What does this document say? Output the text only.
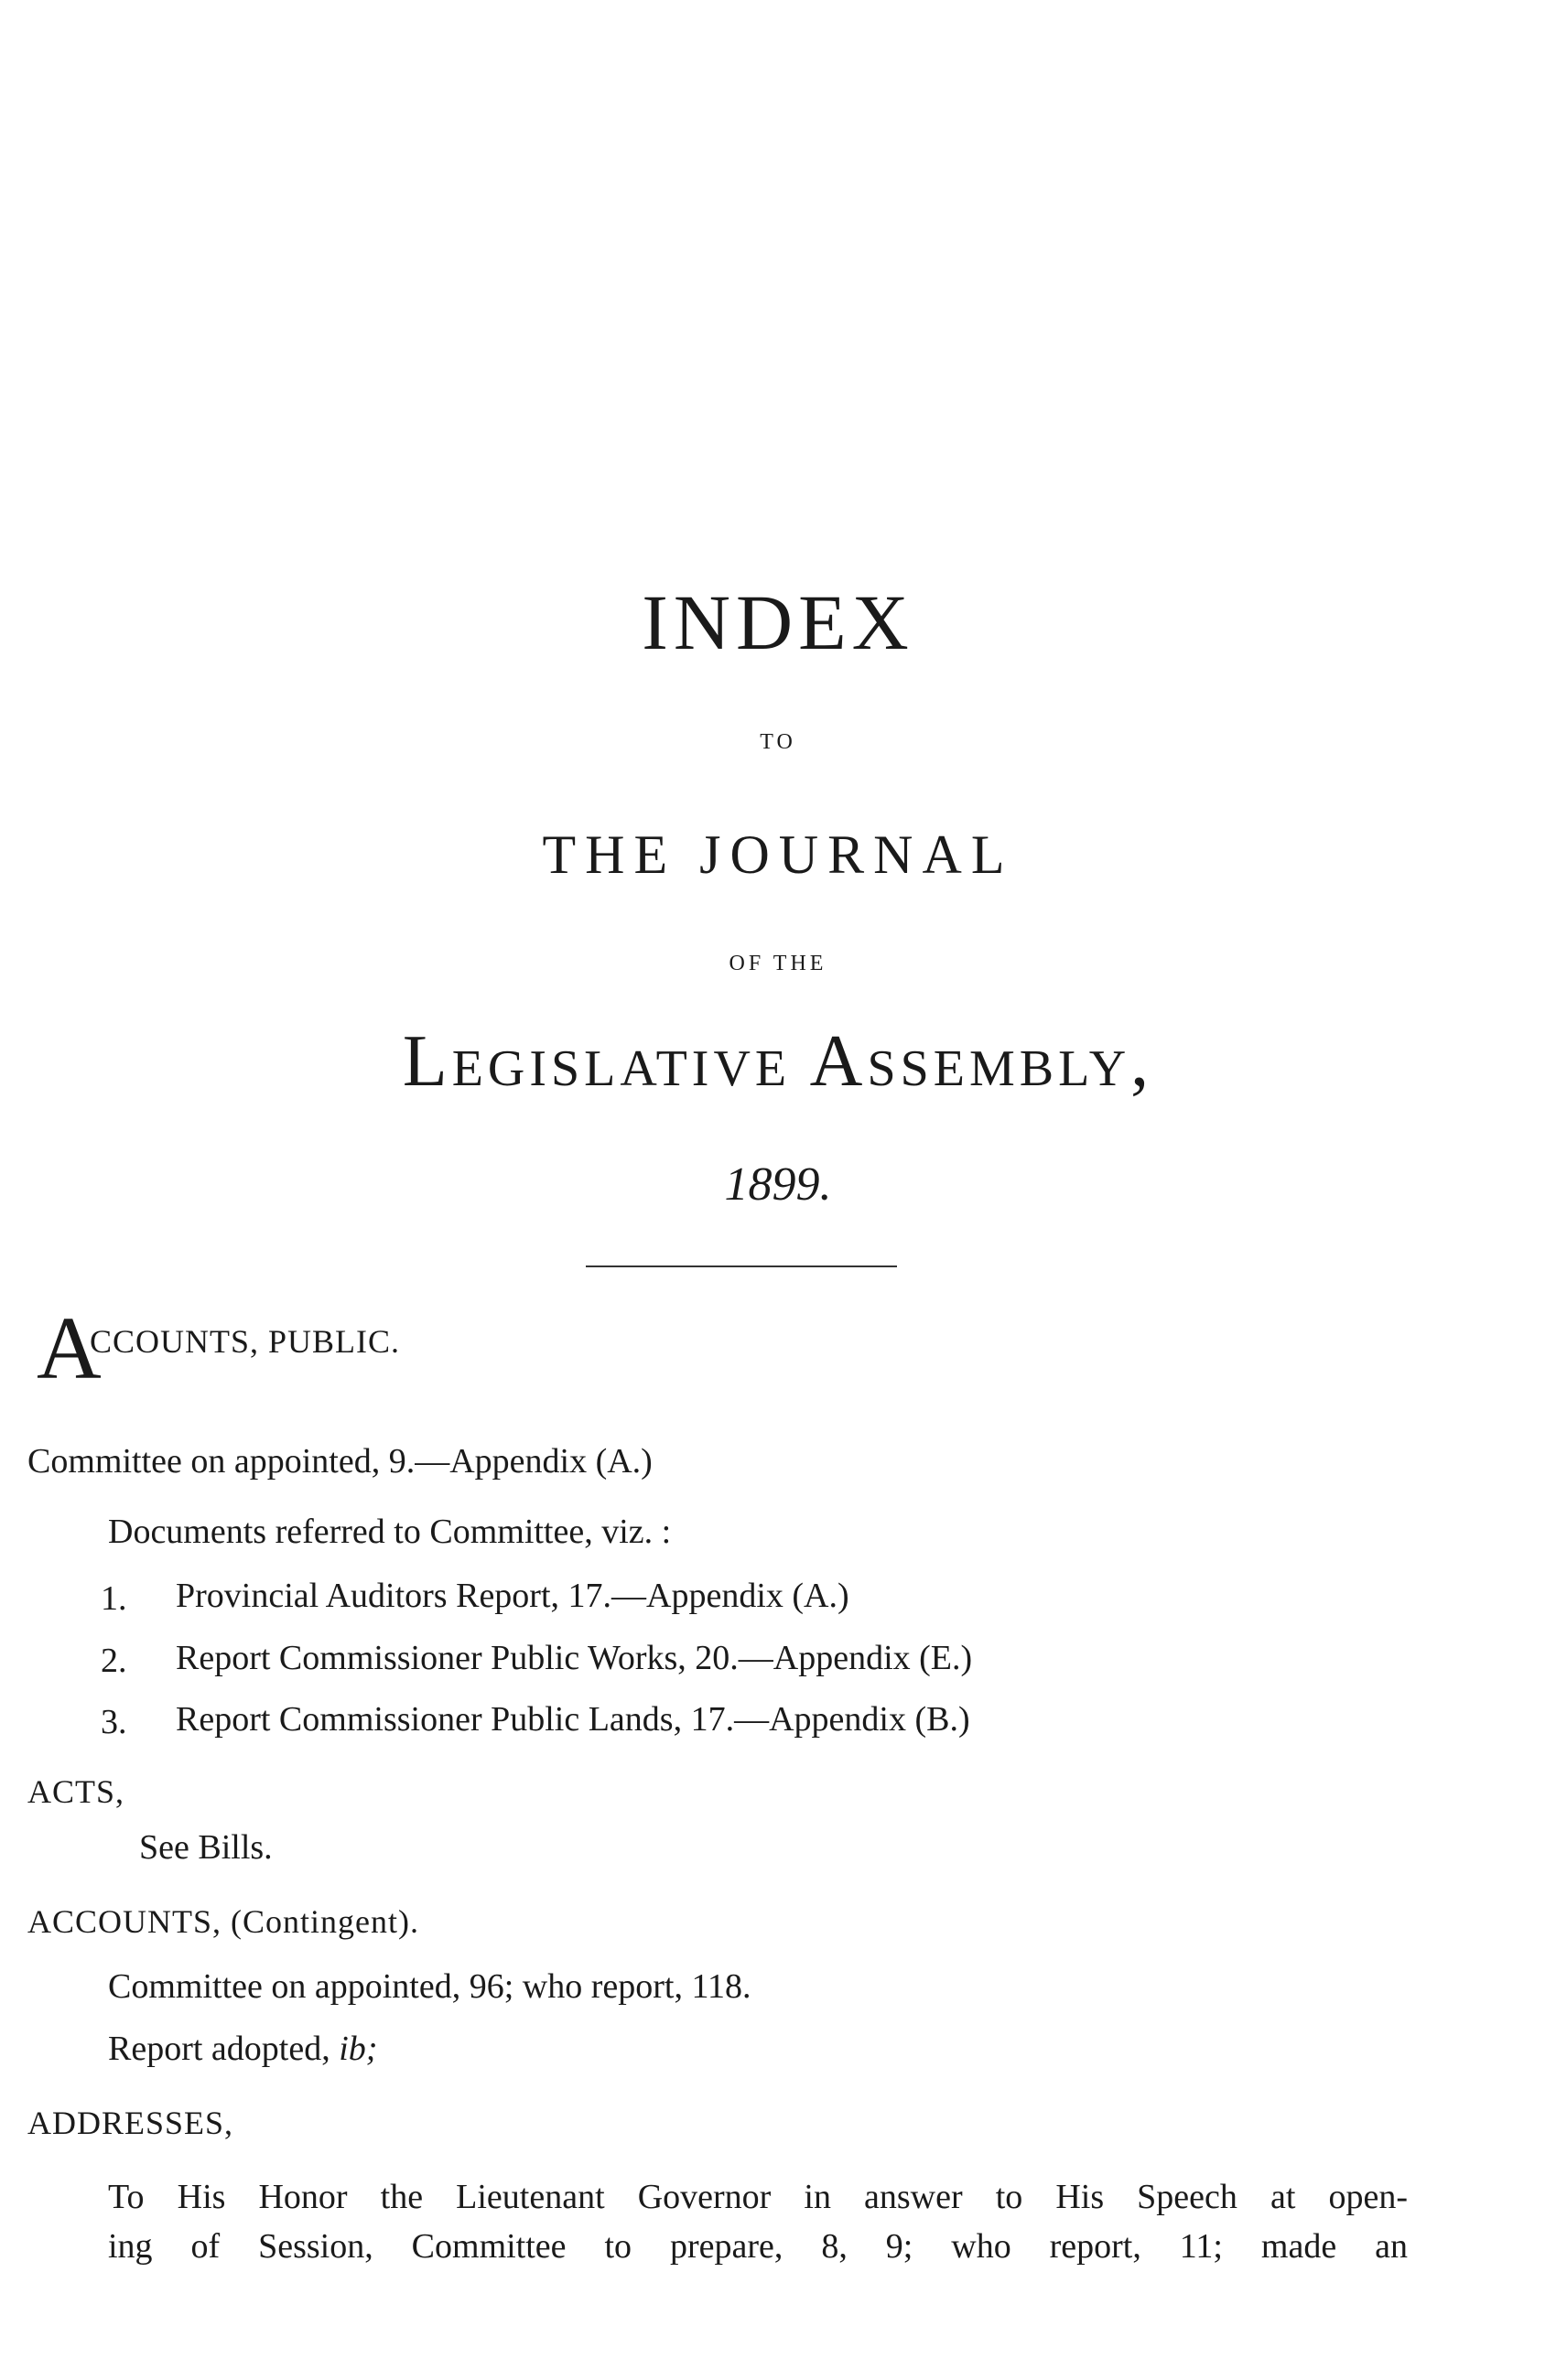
INDEX
TO
THE JOURNAL
OF THE
Legislative Assembly,
1899.
A
CCOUNTS, PUBLIC.
Committee on appointed, 9.—Appendix (A.)
Documents referred to Committee, viz. :
1. Provincial Auditors Report, 17.—Appendix (A.)
2. Report Commissioner Public Works, 20.—Appendix (E.)
3. Report Commissioner Public Lands, 17.—Appendix (B.)
ACTS,
See Bills.
ACCOUNTS, (Contingent).
Committee on appointed, 96; who report, 118.
Report adopted, ib;
ADDRESSES,
To His Honor the Lieutenant Governor in answer to His Speech at open-
ing of Session, Committee to prepare, 8, 9; who report, 11; made an
